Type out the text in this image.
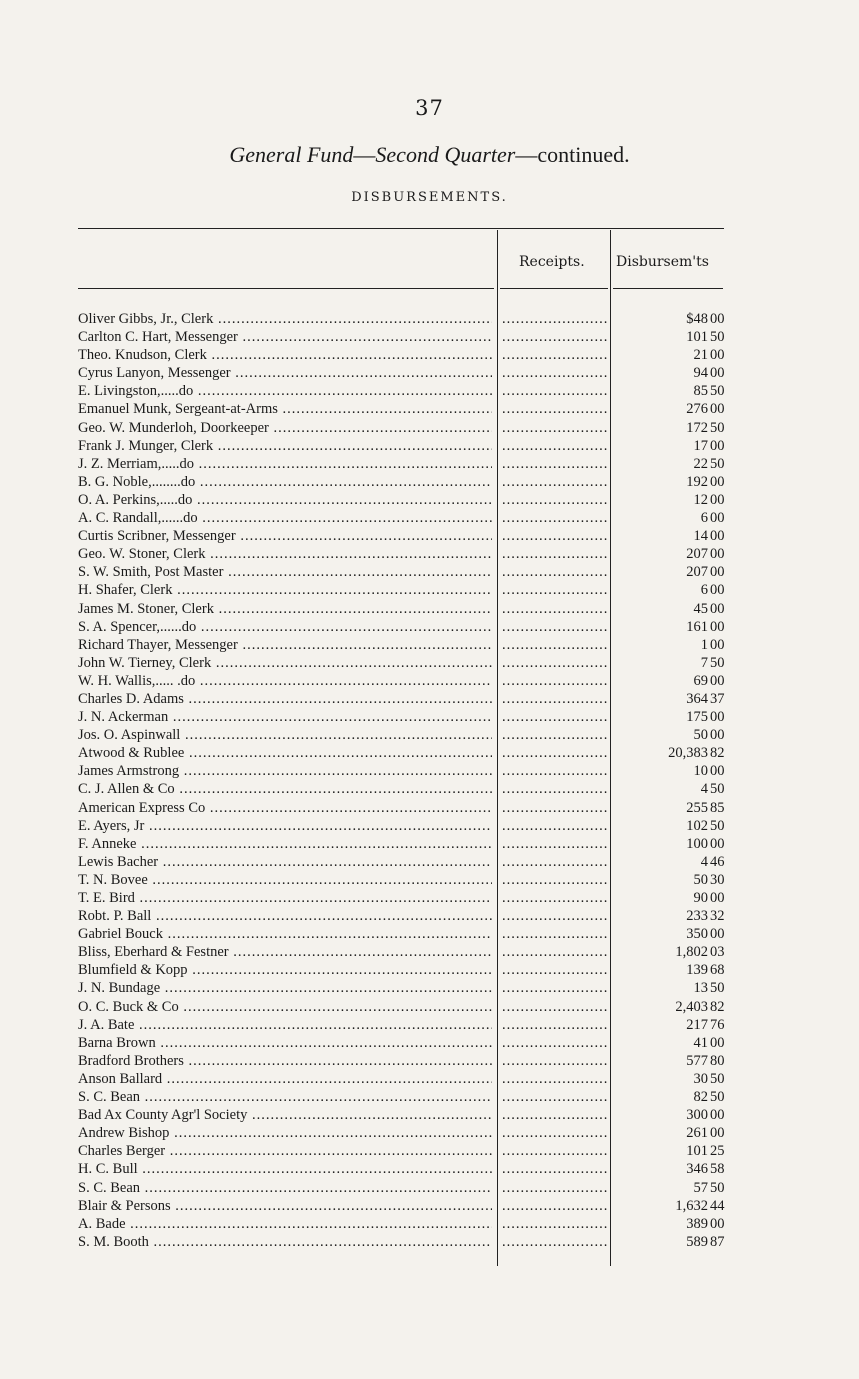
37
General Fund—Second Quarter—continued.
DISBURSEMENTS.
Receipts. Disbursem'ts
Oliver Gibbs, Jr., Clerk ..... .....	$48 00
Carlton C. Hart, Messenger ..... .....	101 50
Theo. Knudson, Clerk ..... .....	21 00
Cyrus Lanyon, Messenger ..... .....	94 00
E. Livingston,.....do ..... .....	85 50
Emanuel Munk, Sergeant-at-Arms ..... .....	276 00
Geo. W. Munderloh, Doorkeeper ..... .....	172 50
Frank J. Munger, Clerk ..... .....	17 00
J. Z. Merriam,.....do ..... .....	22 50
B. G. Noble,........do ..... .....	192 00
O. A. Perkins,.....do ..... .....	12 00
A. C. Randall,......do ..... .....	6 00
Curtis Scribner, Messenger ..... .....	14 00
Geo. W. Stoner, Clerk ..... .....	207 00
S. W. Smith, Post Master ..... .....	207 00
H. Shafer, Clerk ..... .....	6 00
James M. Stoner, Clerk ..... .....	45 00
S. A. Spencer,......do ..... .....	161 00
Richard Thayer, Messenger ..... .....	1 00
John W. Tierney, Clerk ..... .....	7 50
W. H. Wallis,..... .do ..... .....	69 00
Charles D. Adams ..... .....	364 37
J. N. Ackerman ..... .....	175 00
Jos. O. Aspinwall ..... .....	50 00
Atwood & Rublee ..... .....	20,383 82
James Armstrong ..... .....	10 00
C. J. Allen & Co ..... .....	4 50
American Express Co ..... .....	255 85
E. Ayers, Jr ..... .....	102 50
F. Anneke ..... .....	100 00
Lewis Bacher ..... .....	4 46
T. N. Bovee ..... .....	50 30
T. E. Bird ..... .....	90 00
Robt. P. Ball ..... .....	233 32
Gabriel Bouck ..... .....	350 00
Bliss, Eberhard & Festner ..... .....	1,802 03
Blumfield & Kopp ..... .....	139 68
J. N. Bundage ..... .....	13 50
O. C. Buck & Co ..... .....	2,403 82
J. A. Bate ..... .....	217 76
Barna Brown ..... .....	41 00
Bradford Brothers ..... .....	577 80
Anson Ballard ..... .....	30 50
S. C. Bean ..... .....	82 50
Bad Ax County Agr'l Society ..... .....	300 00
Andrew Bishop ..... .....	261 00
Charles Berger ..... .....	101 25
H. C. Bull ..... .....	346 58
S. C. Bean ..... .....	57 50
Blair & Persons ..... .....	1,632 44
A. Bade ..... .....	389 00
S. M. Booth ..... .....	589 87
